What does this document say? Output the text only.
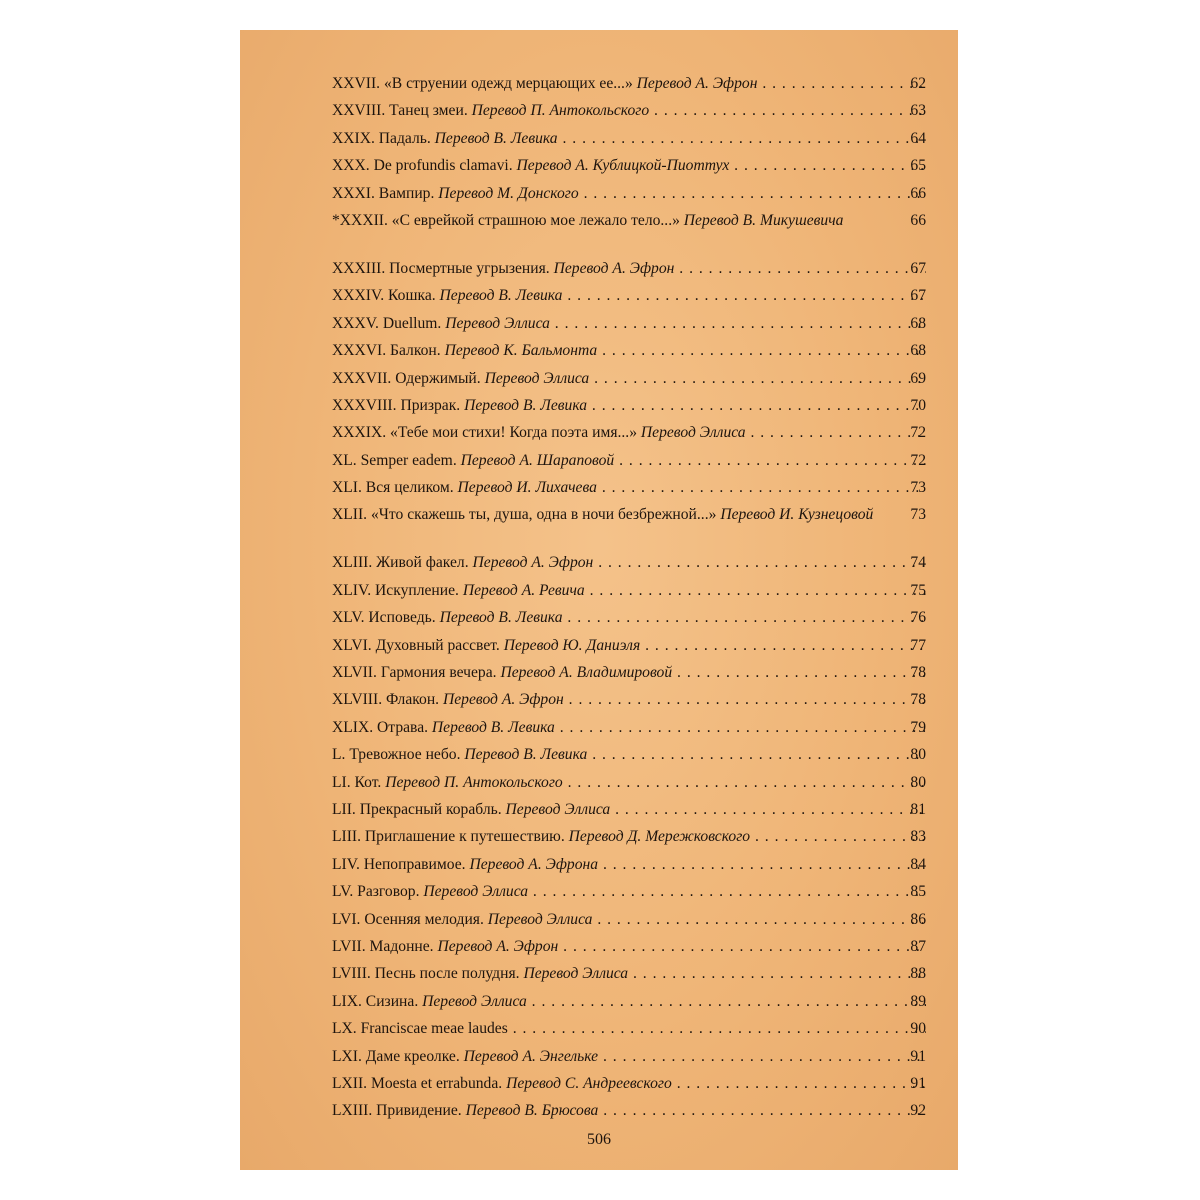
XXVII. «В струении одежд мерцающих ее...» Перевод А. Эфрон . . .	62
XXVIII. Танец змеи. Перевод П. Антокольского . . .	63
XXIX. Падаль. Перевод В. Левика . . .	64
XXX. De profundis clamavi. Перевод А. Кублицкой-Пиоттух . . .	65
XXXI. Вампир. Перевод М. Донского . . .	66
*XXXII. «С еврейкой страшною мое лежало тело...» Перевод В. Микушевича	66
XXXIII. Посмертные угрызения. Перевод А. Эфрон . . .	67
XXXIV. Кошка. Перевод В. Левика . . .	67
XXXV. Duellum. Перевод Эллиса . . .	68
XXXVI. Балкон. Перевод К. Бальмонта . . .	68
XXXVII. Одержимый. Перевод Эллиса . . .	69
XXXVIII. Призрак. Перевод В. Левика . . .	70
XXXIX. «Тебе мои стихи! Когда поэта имя...» Перевод Эллиса . . .	72
XL. Semper eadem. Перевод А. Шараповой . . .	72
XLI. Вся целиком. Перевод И. Лихачева . . .	73
XLII. «Что скажешь ты, душа, одна в ночи безбрежной...» Перевод И. Кузнецовой	73
XLIII. Живой факел. Перевод А. Эфрон . . .	74
XLIV. Искупление. Перевод А. Ревича . . .	75
XLV. Исповедь. Перевод В. Левика . . .	76
XLVI. Духовный рассвет. Перевод Ю. Даниэля . . .	77
XLVII. Гармония вечера. Перевод А. Владимировой . . .	78
XLVIII. Флакон. Перевод А. Эфрон . . .	78
XLIX. Отрава. Перевод В. Левика . . .	79
L. Тревожное небо. Перевод В. Левика . . .	80
LI. Кот. Перевод П. Антокольского . . .	80
LII. Прекрасный корабль. Перевод Эллиса . . .	81
LIII. Приглашение к путешествию. Перевод Д. Мережковского . . .	83
LIV. Непоправимое. Перевод А. Эфрона . . .	84
LV. Разговор. Перевод Эллиса . . .	85
LVI. Осенняя мелодия. Перевод Эллиса . . .	86
LVII. Мадонне. Перевод А. Эфрон . . .	87
LVIII. Песнь после полудня. Перевод Эллиса . . .	88
LIX. Сизина. Перевод Эллиса . . .	89
LX. Franciscae meae laudes . . .	90
LXI. Даме креолке. Перевод А. Энгельке . . .	91
LXII. Moesta et errabunda. Перевод С. Андреевского . . .	91
LXIII. Привидение. Перевод В. Брюсова . . .	92
506
